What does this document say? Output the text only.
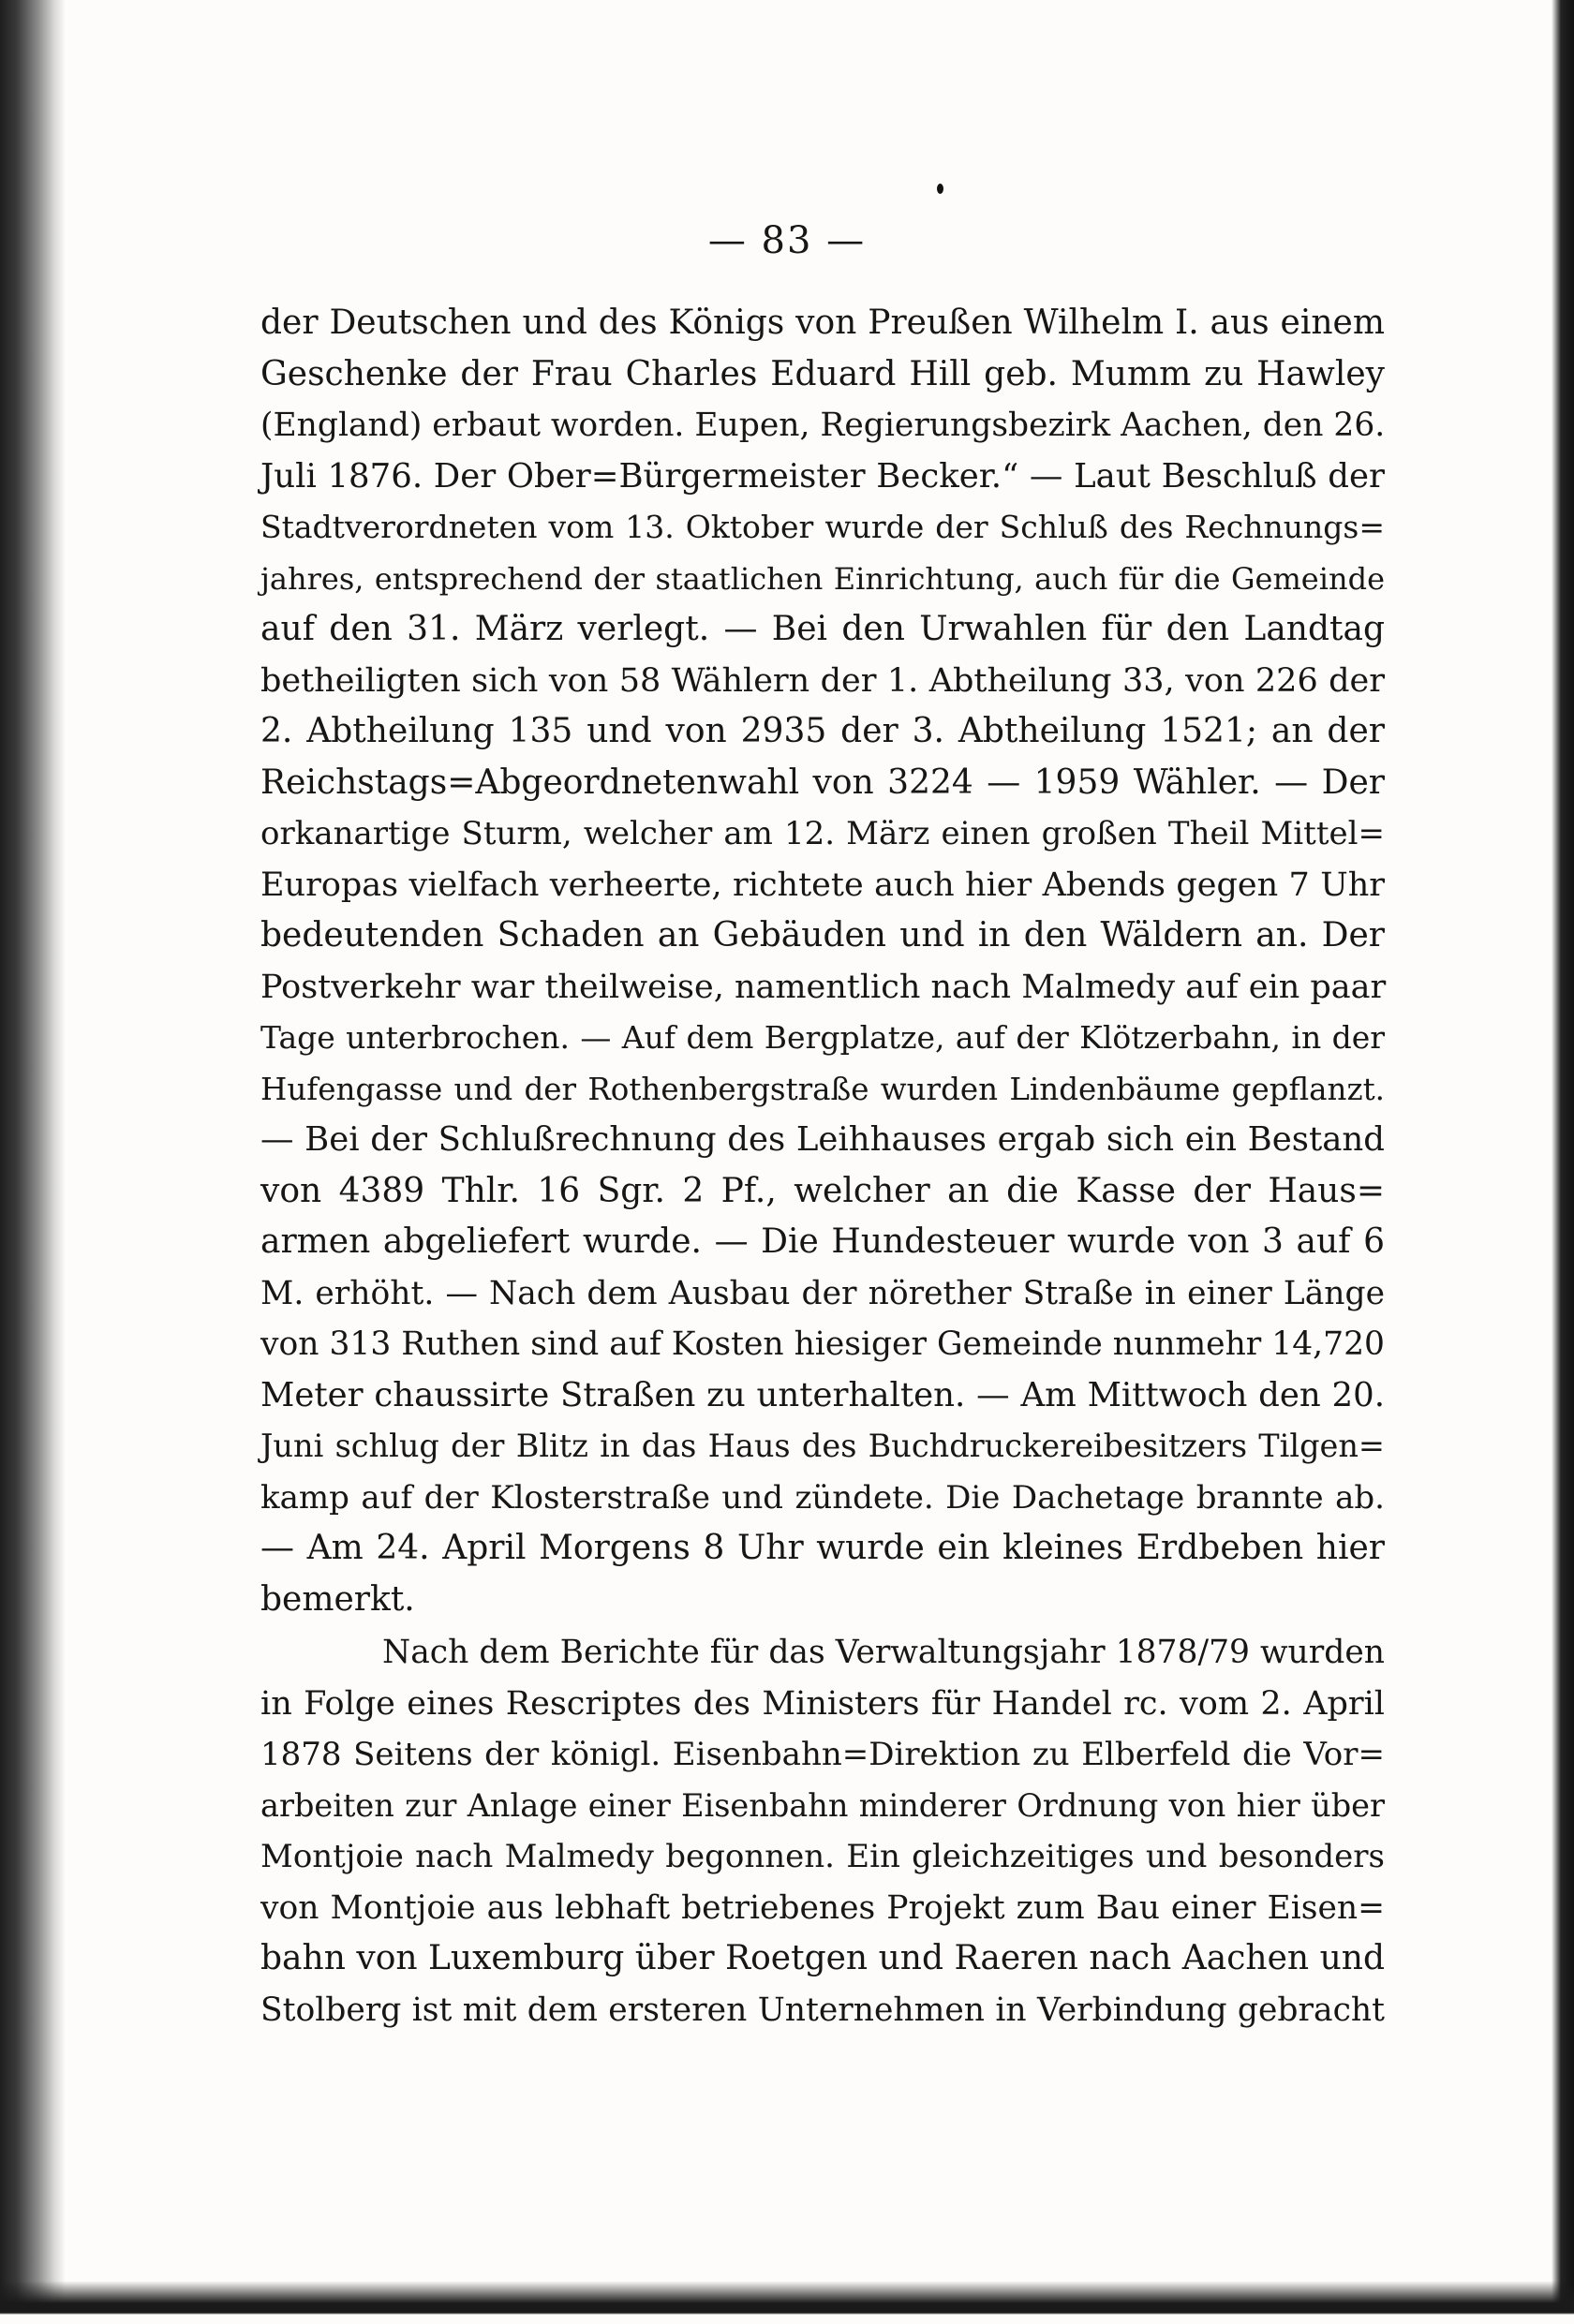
— 83 —
der Deutschen und des Königs von Preußen Wilhelm I. aus einem
Geschenke der Frau Charles Eduard Hill geb. Mumm zu Hawley
(England) erbaut worden. Eupen, Regierungsbezirk Aachen, den 26.
Juli 1876. Der Ober=Bürgermeister Becker.“ — Laut Beschluß der
Stadtverordneten vom 13. Oktober wurde der Schluß des Rechnungs=
jahres, entsprechend der staatlichen Einrichtung, auch für die Gemeinde
auf den 31. März verlegt. — Bei den Urwahlen für den Landtag
betheiligten sich von 58 Wählern der 1. Abtheilung 33, von 226 der
2. Abtheilung 135 und von 2935 der 3. Abtheilung 1521; an der
Reichstags=Abgeordnetenwahl von 3224 — 1959 Wähler. — Der
orkanartige Sturm, welcher am 12. März einen großen Theil Mittel=
Europas vielfach verheerte, richtete auch hier Abends gegen 7 Uhr
bedeutenden Schaden an Gebäuden und in den Wäldern an. Der
Postverkehr war theilweise, namentlich nach Malmedy auf ein paar
Tage unterbrochen. — Auf dem Bergplatze, auf der Klötzerbahn, in der
Hufengasse und der Rothenbergstraße wurden Lindenbäume gepflanzt.
— Bei der Schlußrechnung des Leihhauses ergab sich ein Bestand
von 4389 Thlr. 16 Sgr. 2 Pf., welcher an die Kasse der Haus=
armen abgeliefert wurde. — Die Hundesteuer wurde von 3 auf 6
M. erhöht. — Nach dem Ausbau der nörether Straße in einer Länge
von 313 Ruthen sind auf Kosten hiesiger Gemeinde nunmehr 14,720
Meter chaussirte Straßen zu unterhalten. — Am Mittwoch den 20.
Juni schlug der Blitz in das Haus des Buchdruckereibesitzers Tilgen=
kamp auf der Klosterstraße und zündete. Die Dachetage brannte ab.
— Am 24. April Morgens 8 Uhr wurde ein kleines Erdbeben hier
bemerkt.
Nach dem Berichte für das Verwaltungsjahr 1878/79 wurden
in Folge eines Rescriptes des Ministers für Handel rc. vom 2. April
1878 Seitens der königl. Eisenbahn=Direktion zu Elberfeld die Vor=
arbeiten zur Anlage einer Eisenbahn minderer Ordnung von hier über
Montjoie nach Malmedy begonnen. Ein gleichzeitiges und besonders
von Montjoie aus lebhaft betriebenes Projekt zum Bau einer Eisen=
bahn von Luxemburg über Roetgen und Raeren nach Aachen und
Stolberg ist mit dem ersteren Unternehmen in Verbindung gebracht
